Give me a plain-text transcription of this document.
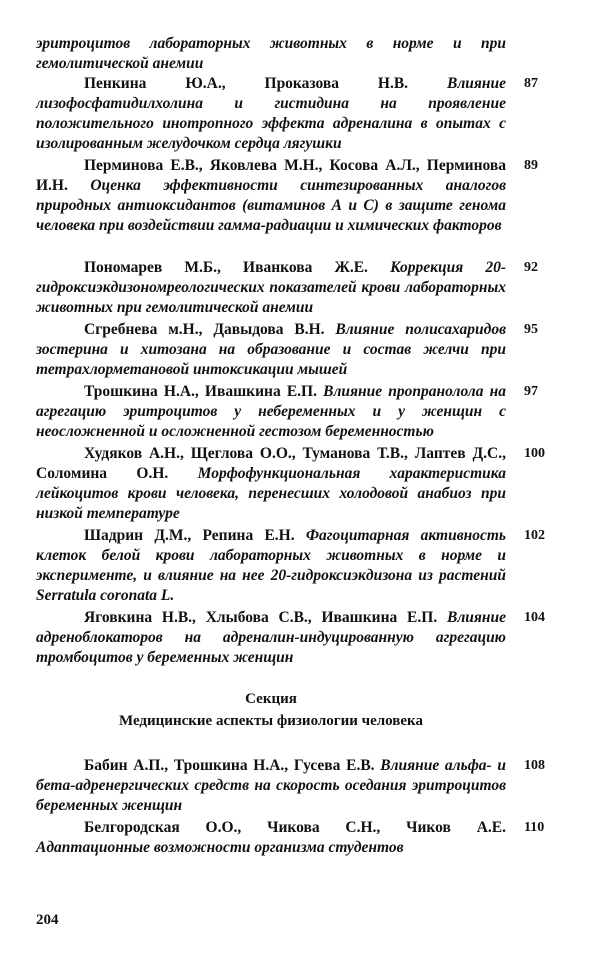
эритроцитов лабораторных животных в норме и при гемолитической анемии
Пенкина Ю.А., Проказова Н.В.	Влияние лизофосфатидилхолина и гистидина на проявление положительного инотропного эффекта адреналина в опытах с изолированным желудочком сердца лягушки
87
Перминова Е.В., Яковлева М.Н., Косова А.Л., Перминова И.Н. Оценка эффективности синтезированных аналогов природных антиоксидантов (витаминов А и С) в защите генома человека при воздействии гамма-радиации и химических факторов
89
Пономарев М.Б., Иванкова Ж.Е. Коррекция 20-гидроксиэкдизономреологических показателей крови лабораторных животных при гемолитической анемии
92
Сгребнева м.Н., Давыдова В.Н. Влияние полисахаридов зостерина и хитозана на образование и состав желчи при тетрахлорметановой интоксикации мышей
95
Трошкина Н.А., Ивашкина Е.П. Влияние пропранолола на агрегацию эритроцитов у небеременных и у женщин с неосложненной и осложненной гестозом беременностью
97
Худяков А.Н., Щеглова О.О., Туманова Т.В., Лаптев Д.С., Соломина О.Н. Морфофункциональная характеристика лейкоцитов крови человека, перенесших холодовой анабиоз при низкой температуре
100
Шадрин Д.М., Репина Е.Н. Фагоцитарная активность клеток белой крови лабораторных животных в норме и эксперименте, и влияние на нее 20-гидроксиэкдизона из растений Serratula coronata L.
102
Яговкина Н.В., Хлыбова С.В., Ивашкина Е.П. Влияние адреноблокаторов на адреналин-индуцированную агрегацию тромбоцитов у беременных женщин
104
Секция
Медицинские аспекты физиологии человека
Бабин А.П., Трошкина Н.А., Гусева Е.В. Влияние альфа- и бета-адренергических средств на скорость оседания эритроцитов беременных женщин
108
Белгородская О.О., Чикова С.Н., Чиков А.Е. Адаптационные возможности организма студентов
110
204
